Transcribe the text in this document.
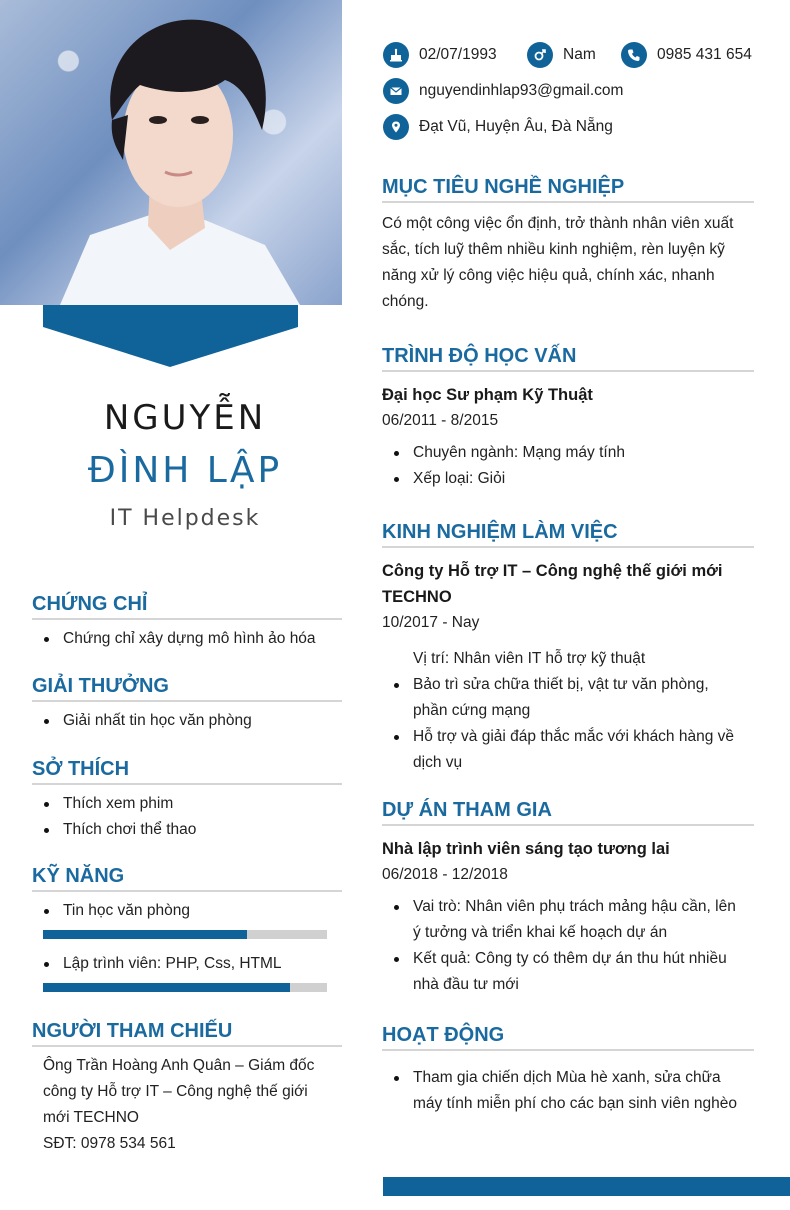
NGUYỄN
ĐÌNH LẬP
IT Helpdesk
CHỨNG CHỈ
Chứng chỉ xây dựng mô hình ảo hóa
GIẢI THƯỞNG
Giải nhất tin học văn phòng
SỞ THÍCH
Thích xem phim
Thích chơi thể thao
KỸ NĂNG
Tin học văn phòng
Lập trình viên: PHP, Css, HTML
NGƯỜI THAM CHIẾU
Ông Trần Hoàng Anh Quân – Giám đốc
công ty Hỗ trợ IT – Công nghệ thế giới
mới TECHNO
SĐT: 0978 534 561
02/07/1993	Nam	0985 431 654
nguyendinhlap93@gmail.com
Đạt Vũ, Huyện Âu, Đà Nẵng
MỤC TIÊU NGHỀ NGHIỆP
Có một công việc ổn định, trở thành nhân viên xuất
sắc, tích luỹ thêm nhiều kinh nghiệm, rèn luyện kỹ
năng xử lý công việc hiệu quả, chính xác, nhanh
chóng.
TRÌNH ĐỘ HỌC VẤN
Đại học Sư phạm Kỹ Thuật
06/2011 - 8/2015
Chuyên ngành: Mạng máy tính
Xếp loại: Giỏi
KINH NGHIỆM LÀM VIỆC
Công ty Hỗ trợ IT – Công nghệ thế giới mới
TECHNO
10/2017 - Nay
Vị trí: Nhân viên IT hỗ trợ kỹ thuật
Bảo trì sửa chữa thiết bị, vật tư văn phòng,
phần cứng mạng
Hỗ trợ và giải đáp thắc mắc với khách hàng về
dịch vụ
DỰ ÁN THAM GIA
Nhà lập trình viên sáng tạo tương lai
06/2018 - 12/2018
Vai trò: Nhân viên phụ trách mảng hậu cần, lên
ý tưởng và triển khai kế hoạch dự án
Kết quả: Công ty có thêm dự án thu hút nhiều
nhà đầu tư mới
HOẠT ĐỘNG
Tham gia chiến dịch Mùa hè xanh, sửa chữa
máy tính miễn phí cho các bạn sinh viên nghèo
